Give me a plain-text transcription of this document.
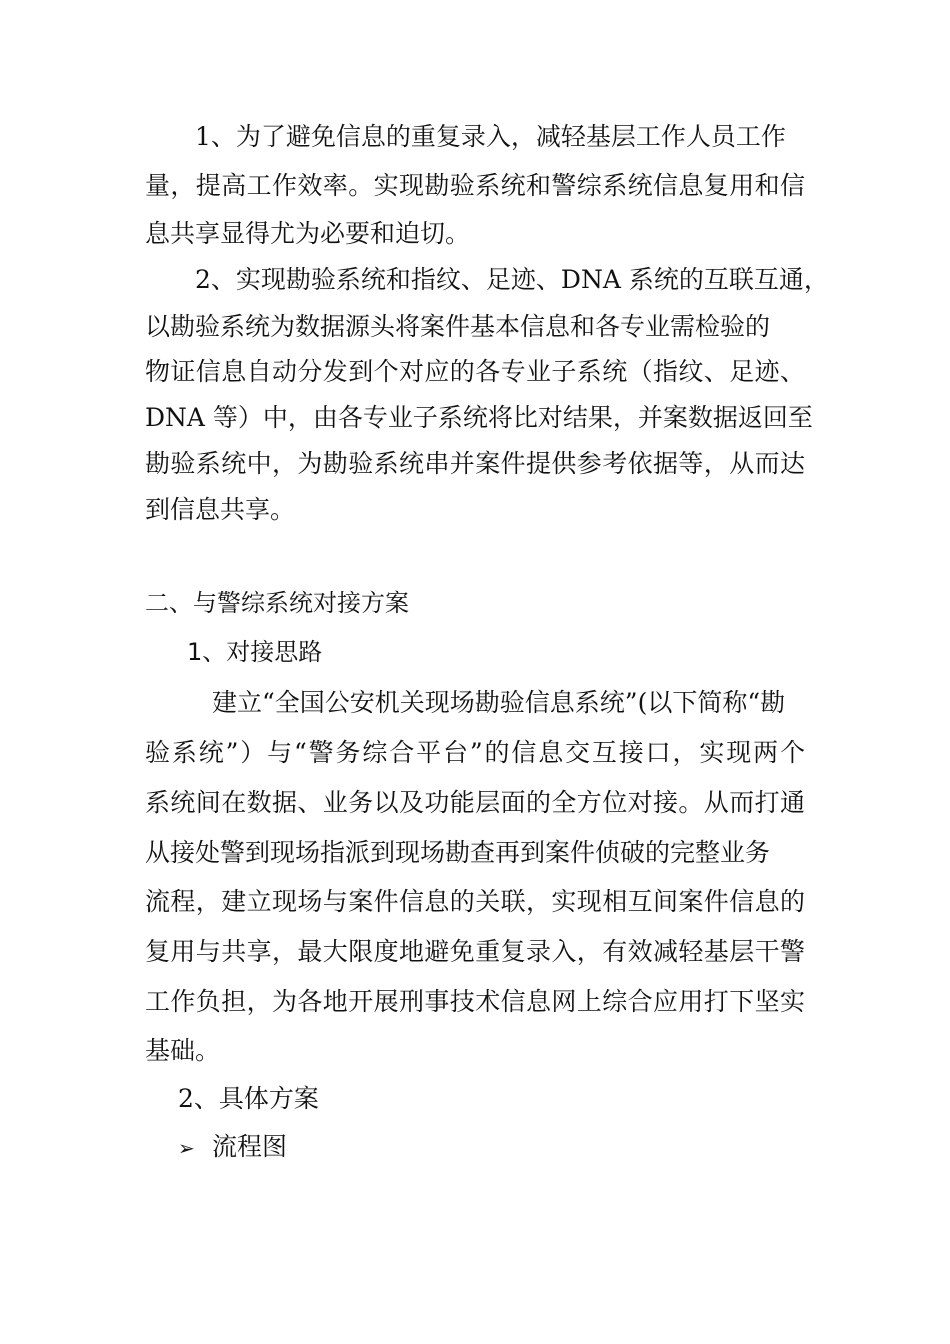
1、为了避免信息的重复录入，减轻基层工作人员工作
量，提高工作效率。实现勘验系统和警综系统信息复用和信
息共享显得尤为必要和迫切。
2、实现勘验系统和指纹、足迹、DNA 系统的互联互通，
以勘验系统为数据源头将案件基本信息和各专业需检验的
物证信息自动分发到个对应的各专业子系统（指纹、足迹、
DNA 等）中，由各专业子系统将比对结果，并案数据返回至
勘验系统中，为勘验系统串并案件提供参考依据等，从而达
到信息共享。
二、与警综系统对接方案
1、对接思路
建立“全国公安机关现场勘验信息系统”(以下简称“勘
验系统”）与“警务综合平台”的信息交互接口，实现两个
系统间在数据、业务以及功能层面的全方位对接。从而打通
从接处警到现场指派到现场勘查再到案件侦破的完整业务
流程，建立现场与案件信息的关联，实现相互间案件信息的
复用与共享，最大限度地避免重复录入，有效减轻基层干警
工作负担，为各地开展刑事技术信息网上综合应用打下坚实
基础。
2、具体方案
➢ 流程图
